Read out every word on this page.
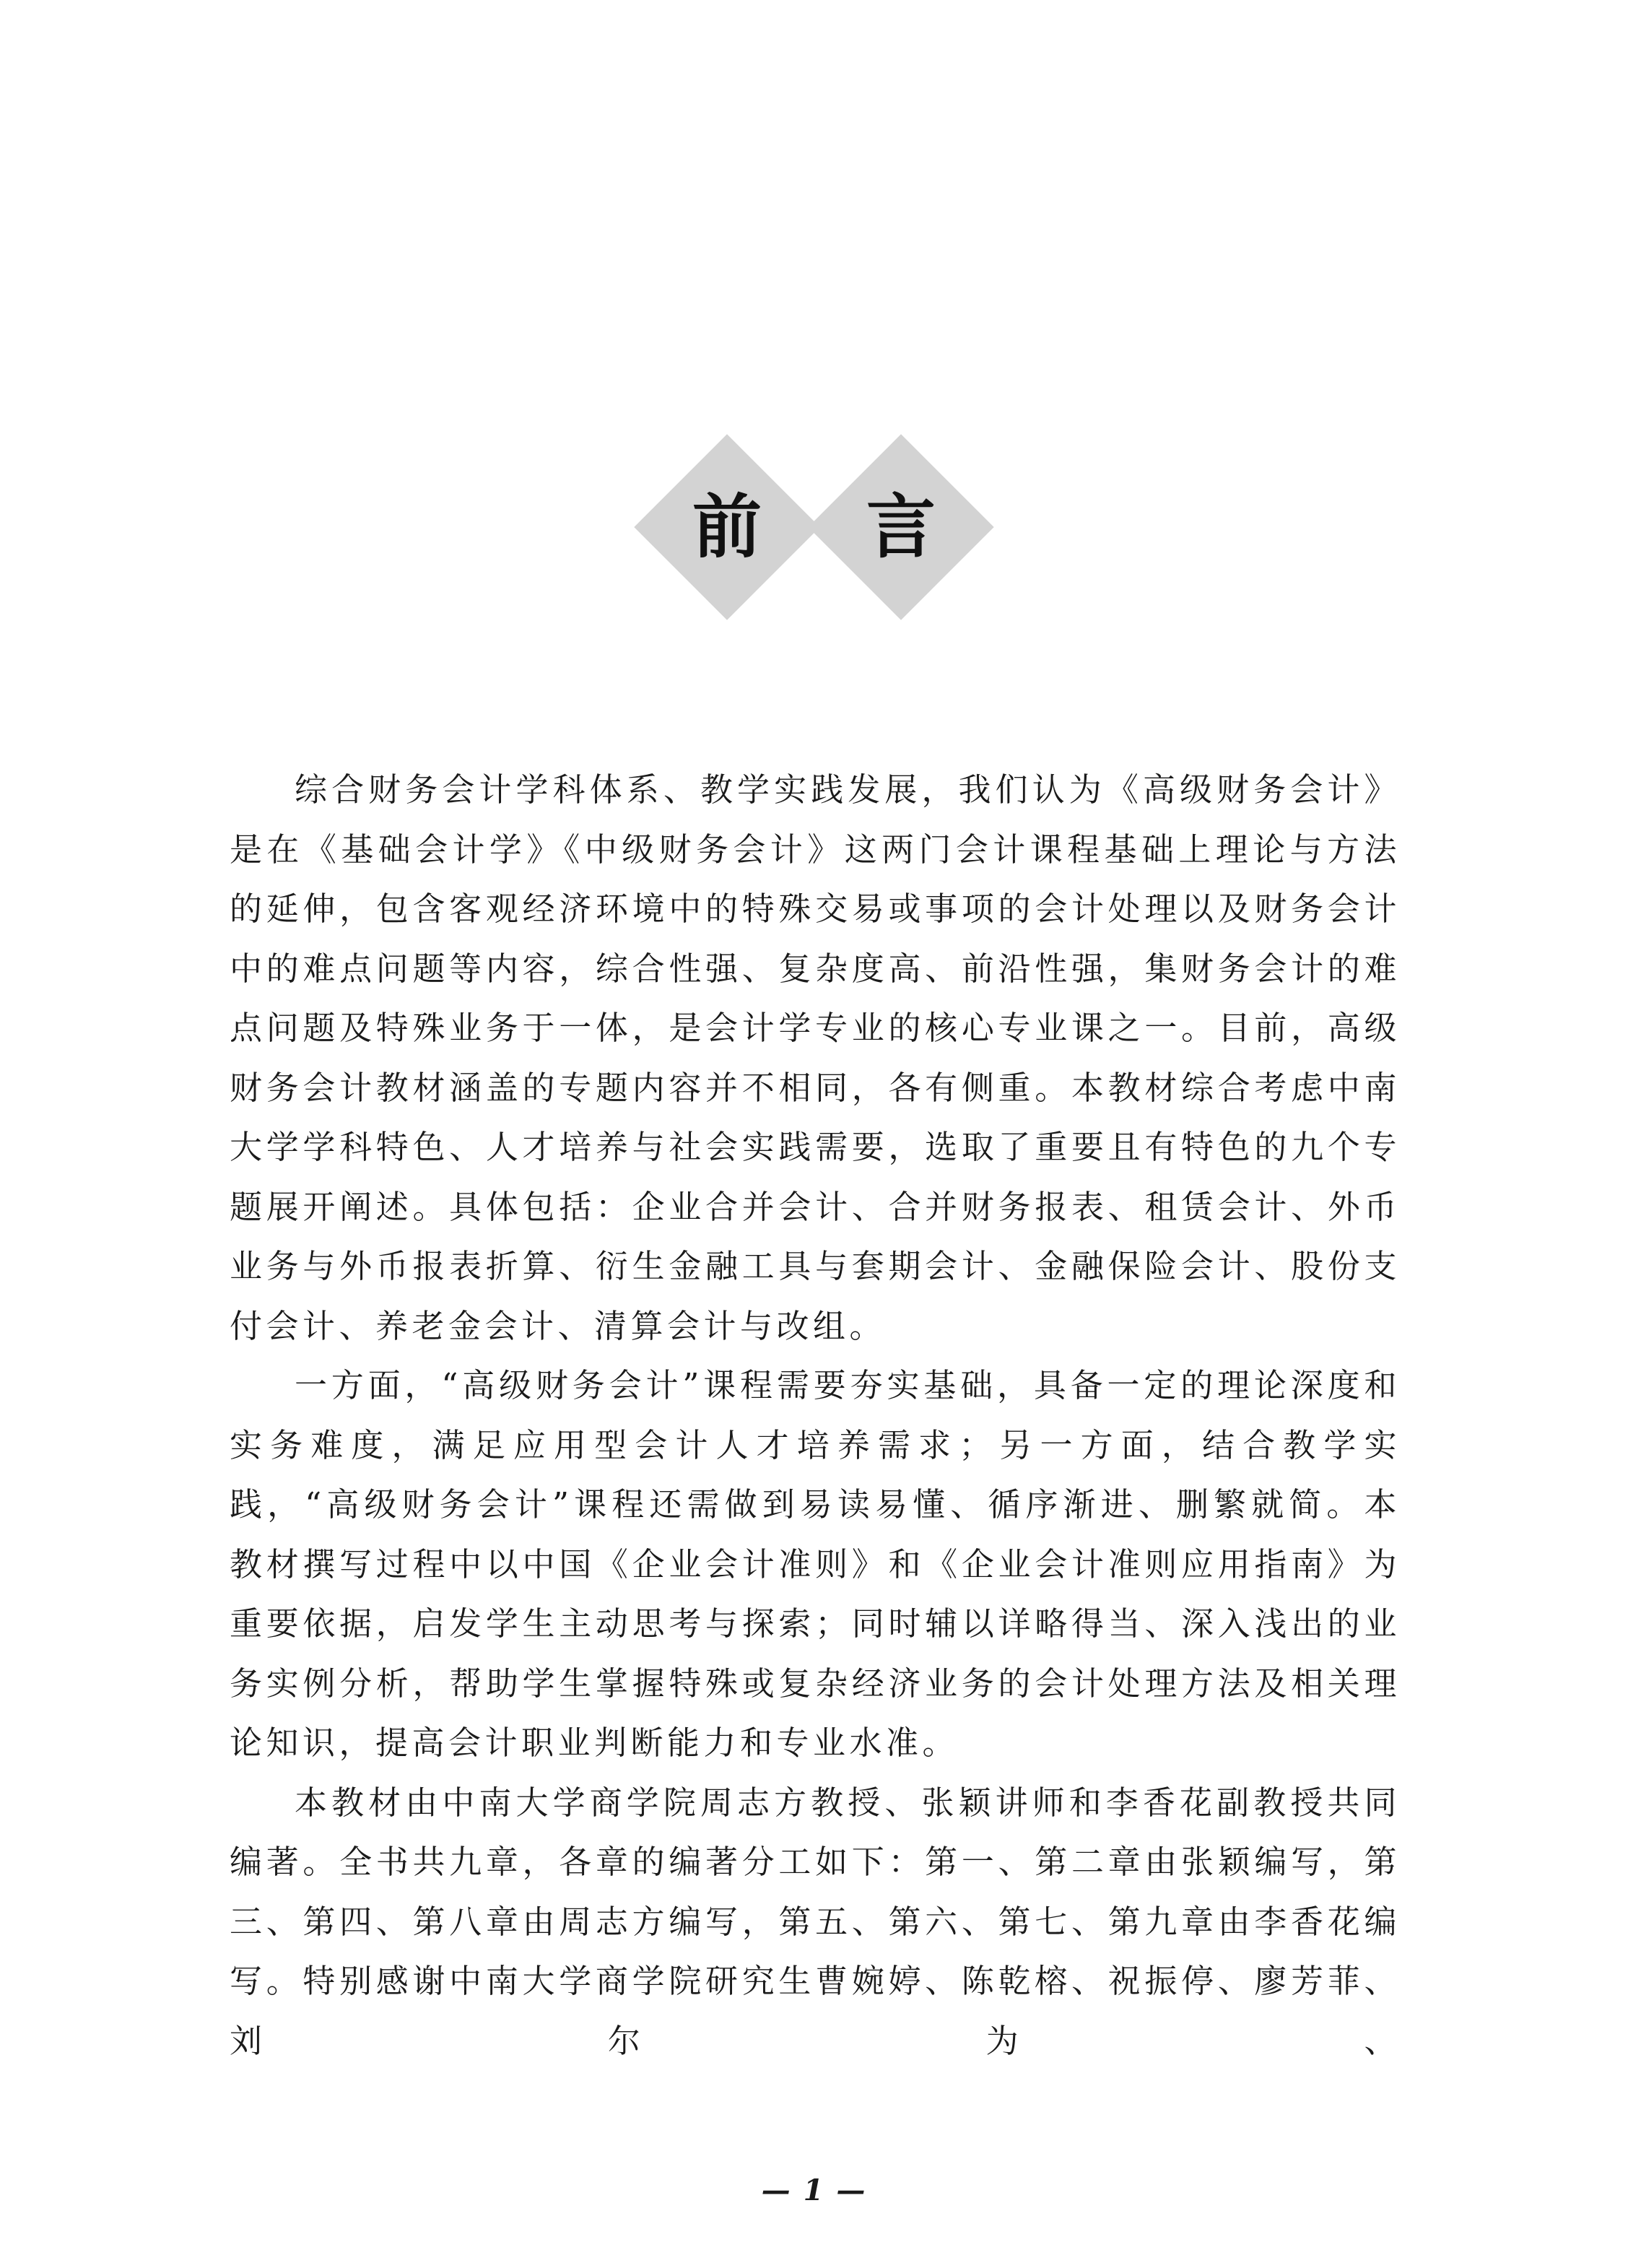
前	言

综合财务会计学科体系、教学实践发展，我们认为《高级财务会计》是在《基础会计学》《中级财务会计》这两门会计课程基础上理论与方法的延伸，包含客观经济环境中的特殊交易或事项的会计处理以及财务会计中的难点问题等内容，综合性强、复杂度高、前沿性强，集财务会计的难点问题及特殊业务于一体，是会计学专业的核心专业课之一。目前，高级财务会计教材涵盖的专题内容并不相同，各有侧重。本教材综合考虑中南大学学科特色、人才培养与社会实践需要，选取了重要且有特色的九个专题展开阐述。具体包括：企业合并会计、合并财务报表、租赁会计、外币业务与外币报表折算、衍生金融工具与套期会计、金融保险会计、股份支付会计、养老金会计、清算会计与改组。

一方面，“高级财务会计”课程需要夯实基础，具备一定的理论深度和实务难度，满足应用型会计人才培养需求；另一方面，结合教学实践，“高级财务会计”课程还需做到易读易懂、循序渐进、删繁就简。本教材撰写过程中以中国《企业会计准则》和《企业会计准则应用指南》为重要依据，启发学生主动思考与探索；同时辅以详略得当、深入浅出的业务实例分析，帮助学生掌握特殊或复杂经济业务的会计处理方法及相关理论知识，提高会计职业判断能力和专业水准。

本教材由中南大学商学院周志方教授、张颖讲师和李香花副教授共同编著。全书共九章，各章的编著分工如下：第一、第二章由张颖编写，第三、第四、第八章由周志方编写，第五、第六、第七、第九章由李香花编写。特别感谢中南大学商学院研究生曹婉婷、陈乾榕、祝振停、廖芳菲、刘尔为、

— 1 —
